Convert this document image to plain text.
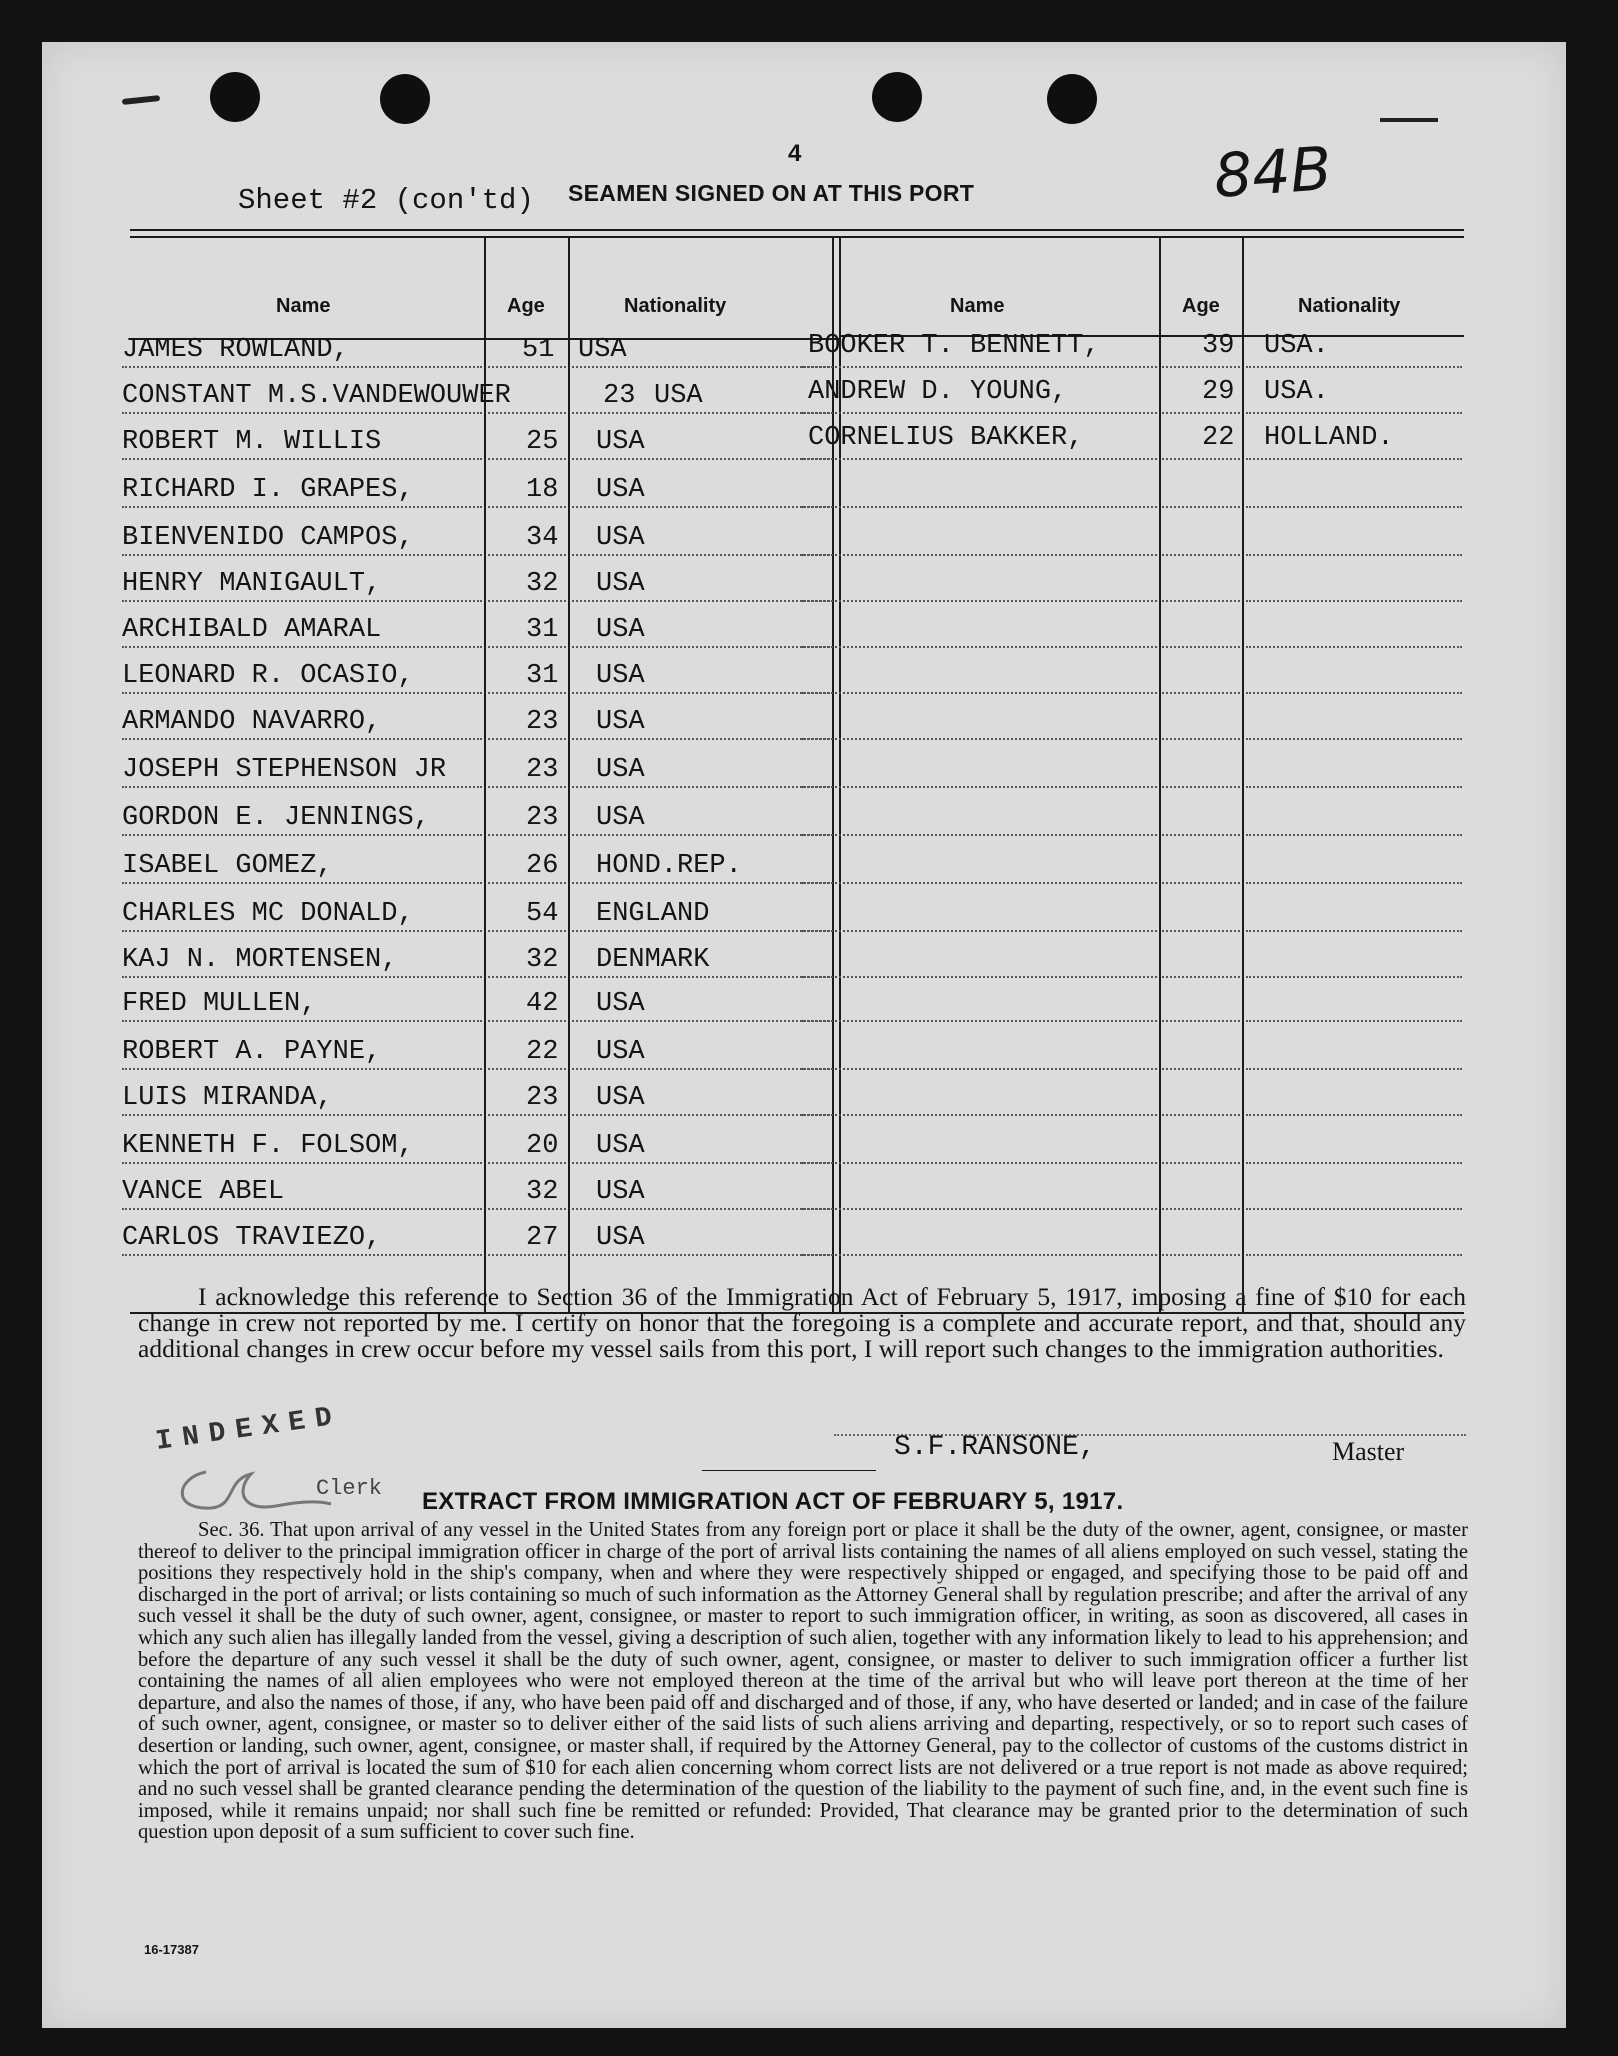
4
Sheet #2 (con'td) SEAMEN SIGNED ON AT THIS PORT	84B
Name	Age	Nationality	Name	Age	Nationality
JAMES ROWLAND,	51 USA
CONSTANT M.S.VANDEWOUWER	23 USA
ROBERT M. WILLIS	25 USA
RICHARD I. GRAPES,	18 USA
BIENVENIDO CAMPOS,	34 USA
HENRY MANIGAULT,	32 USA
ARCHIBALD AMARAL	31 USA
LEONARD R. OCASIO,	31 USA
ARMANDO NAVARRO,	23 USA
JOSEPH STEPHENSON JR	23 USA
GORDON E. JENNINGS,	23 USA
ISABEL GOMEZ,	26 HOND.REP.
CHARLES MC DONALD,	54 ENGLAND
KAJ N. MORTENSEN,	32 DENMARK
FRED MULLEN,	42 USA
ROBERT A. PAYNE,	22 USA
LUIS MIRANDA,	23 USA
KENNETH F. FOLSOM,	20 USA
VANCE ABEL	32 USA
CARLOS TRAVIEZO,	27 USA
BOOKER T. BENNETT,	39 USA.
ANDREW D. YOUNG,	29 USA.
CORNELIUS BAKKER,	22 HOLLAND.
I acknowledge this reference to Section 36 of the Immigration Act of February 5, 1917, imposing a fine of $10 for each change in crew not reported by me. I certify on honor that the foregoing is a complete and accurate report, and that, should any additional changes in crew occur before my vessel sails from this port, I will report such changes to the immigration authorities.
INDEXED
Clerk
S.F.RANSONE,	Master
EXTRACT FROM IMMIGRATION ACT OF FEBRUARY 5, 1917.
Sec. 36. That upon arrival of any vessel in the United States from any foreign port or place it shall be the duty of the owner, agent, consignee, or master thereof to deliver to the principal immigration officer in charge of the port of arrival lists containing the names of all aliens employed on such vessel, stating the positions they respectively hold in the ship's company, when and where they were respectively shipped or engaged, and specifying those to be paid off and discharged in the port of arrival; or lists containing so much of such information as the Attorney General shall by regulation prescribe; and after the arrival of any such vessel it shall be the duty of such owner, agent, consignee, or master to report to such immigration officer, in writing, as soon as discovered, all cases in which any such alien has illegally landed from the vessel, giving a description of such alien, together with any information likely to lead to his apprehension; and before the departure of any such vessel it shall be the duty of such owner, agent, consignee, or master to deliver to such immigration officer a further list containing the names of all alien employees who were not employed thereon at the time of the arrival but who will leave port thereon at the time of her departure, and also the names of those, if any, who have been paid off and discharged and of those, if any, who have deserted or landed; and in case of the failure of such owner, agent, consignee, or master so to deliver either of the said lists of such aliens arriving and departing, respectively, or so to report such cases of desertion or landing, such owner, agent, consignee, or master shall, if required by the Attorney General, pay to the collector of customs of the customs district in which the port of arrival is located the sum of $10 for each alien concerning whom correct lists are not delivered or a true report is not made as above required; and no such vessel shall be granted clearance pending the determination of the question of the liability to the payment of such fine, and, in the event such fine is imposed, while it remains unpaid; nor shall such fine be remitted or refunded: Provided, That clearance may be granted prior to the determination of such question upon deposit of a sum sufficient to cover such fine.
16-17387
